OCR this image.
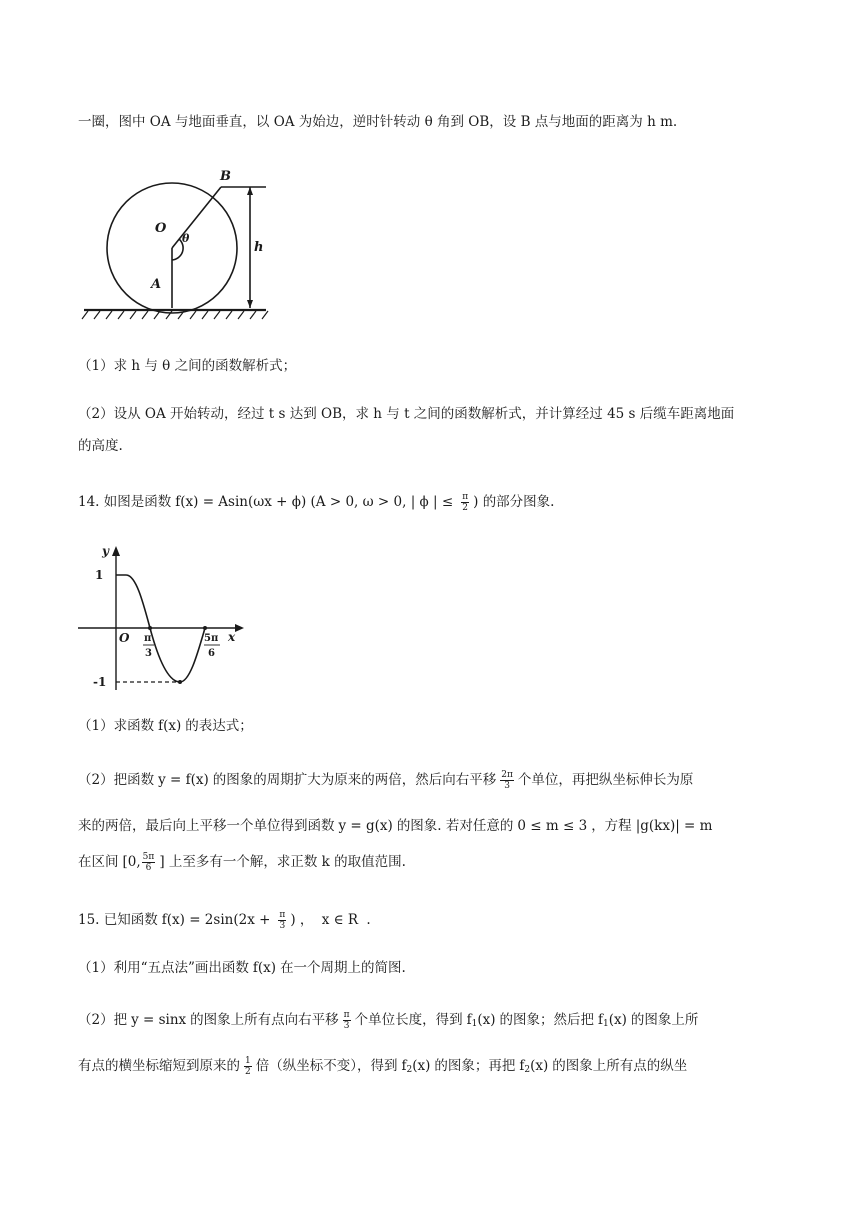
一圈，图中 OA 与地面垂直，以 OA 为始边，逆时针转动 θ 角到 OB，设 B 点与地面的距离为 h m.
B
O
θ
h
A
（1）求 h 与 θ 之间的函数解析式；
（2）设从 OA 开始转动，经过 t s 达到 OB，求 h 与 t 之间的函数解析式，并计算经过 45 s 后缆车距离地面
的高度.
14. 如图是函数 f(x) = Asin(ωx + ϕ) (A > 0, ω > 0, | ϕ | ≤ $\frac{\pi}{2}$ ) 的部分图象.
y
x
1
-1
O π
3
5π
6
（1）求函数 f(x) 的表达式；
（2）把函数 y = f(x) 的图象的周期扩大为原来的两倍，然后向右平移 $\frac{2\pi}{3}$ 个单位，再把纵坐标伸长为原
来的两倍，最后向上平移一个单位得到函数 y = g(x) 的图象. 若对任意的 0 ≤ m ≤ 3 ，方程 |g(kx)| = m
在区间 [0, $\frac{5\pi}{6}$ ] 上至多有一个解，求正数 k 的取值范围.
15. 已知函数 $f(x) = 2\sin(2x + \frac{\pi}{3}$ ) ， x ∈ R .
（1）利用“五点法”画出函数 f(x) 在一个周期上的简图.
（2）把 y = sinx 的图象上所有点向右平移 $\frac{\pi}{3}$ 个单位长度，得到 $f_1(x)$ 的图象；然后把 $f_1(x)$ 的图象上所
有点的横坐标缩短到原来的 $\frac{1}{2}$ 倍（纵坐标不变），得到 $f_2(x)$ 的图象；再把 $f_2(x)$ 的图象上所有点的纵坐
